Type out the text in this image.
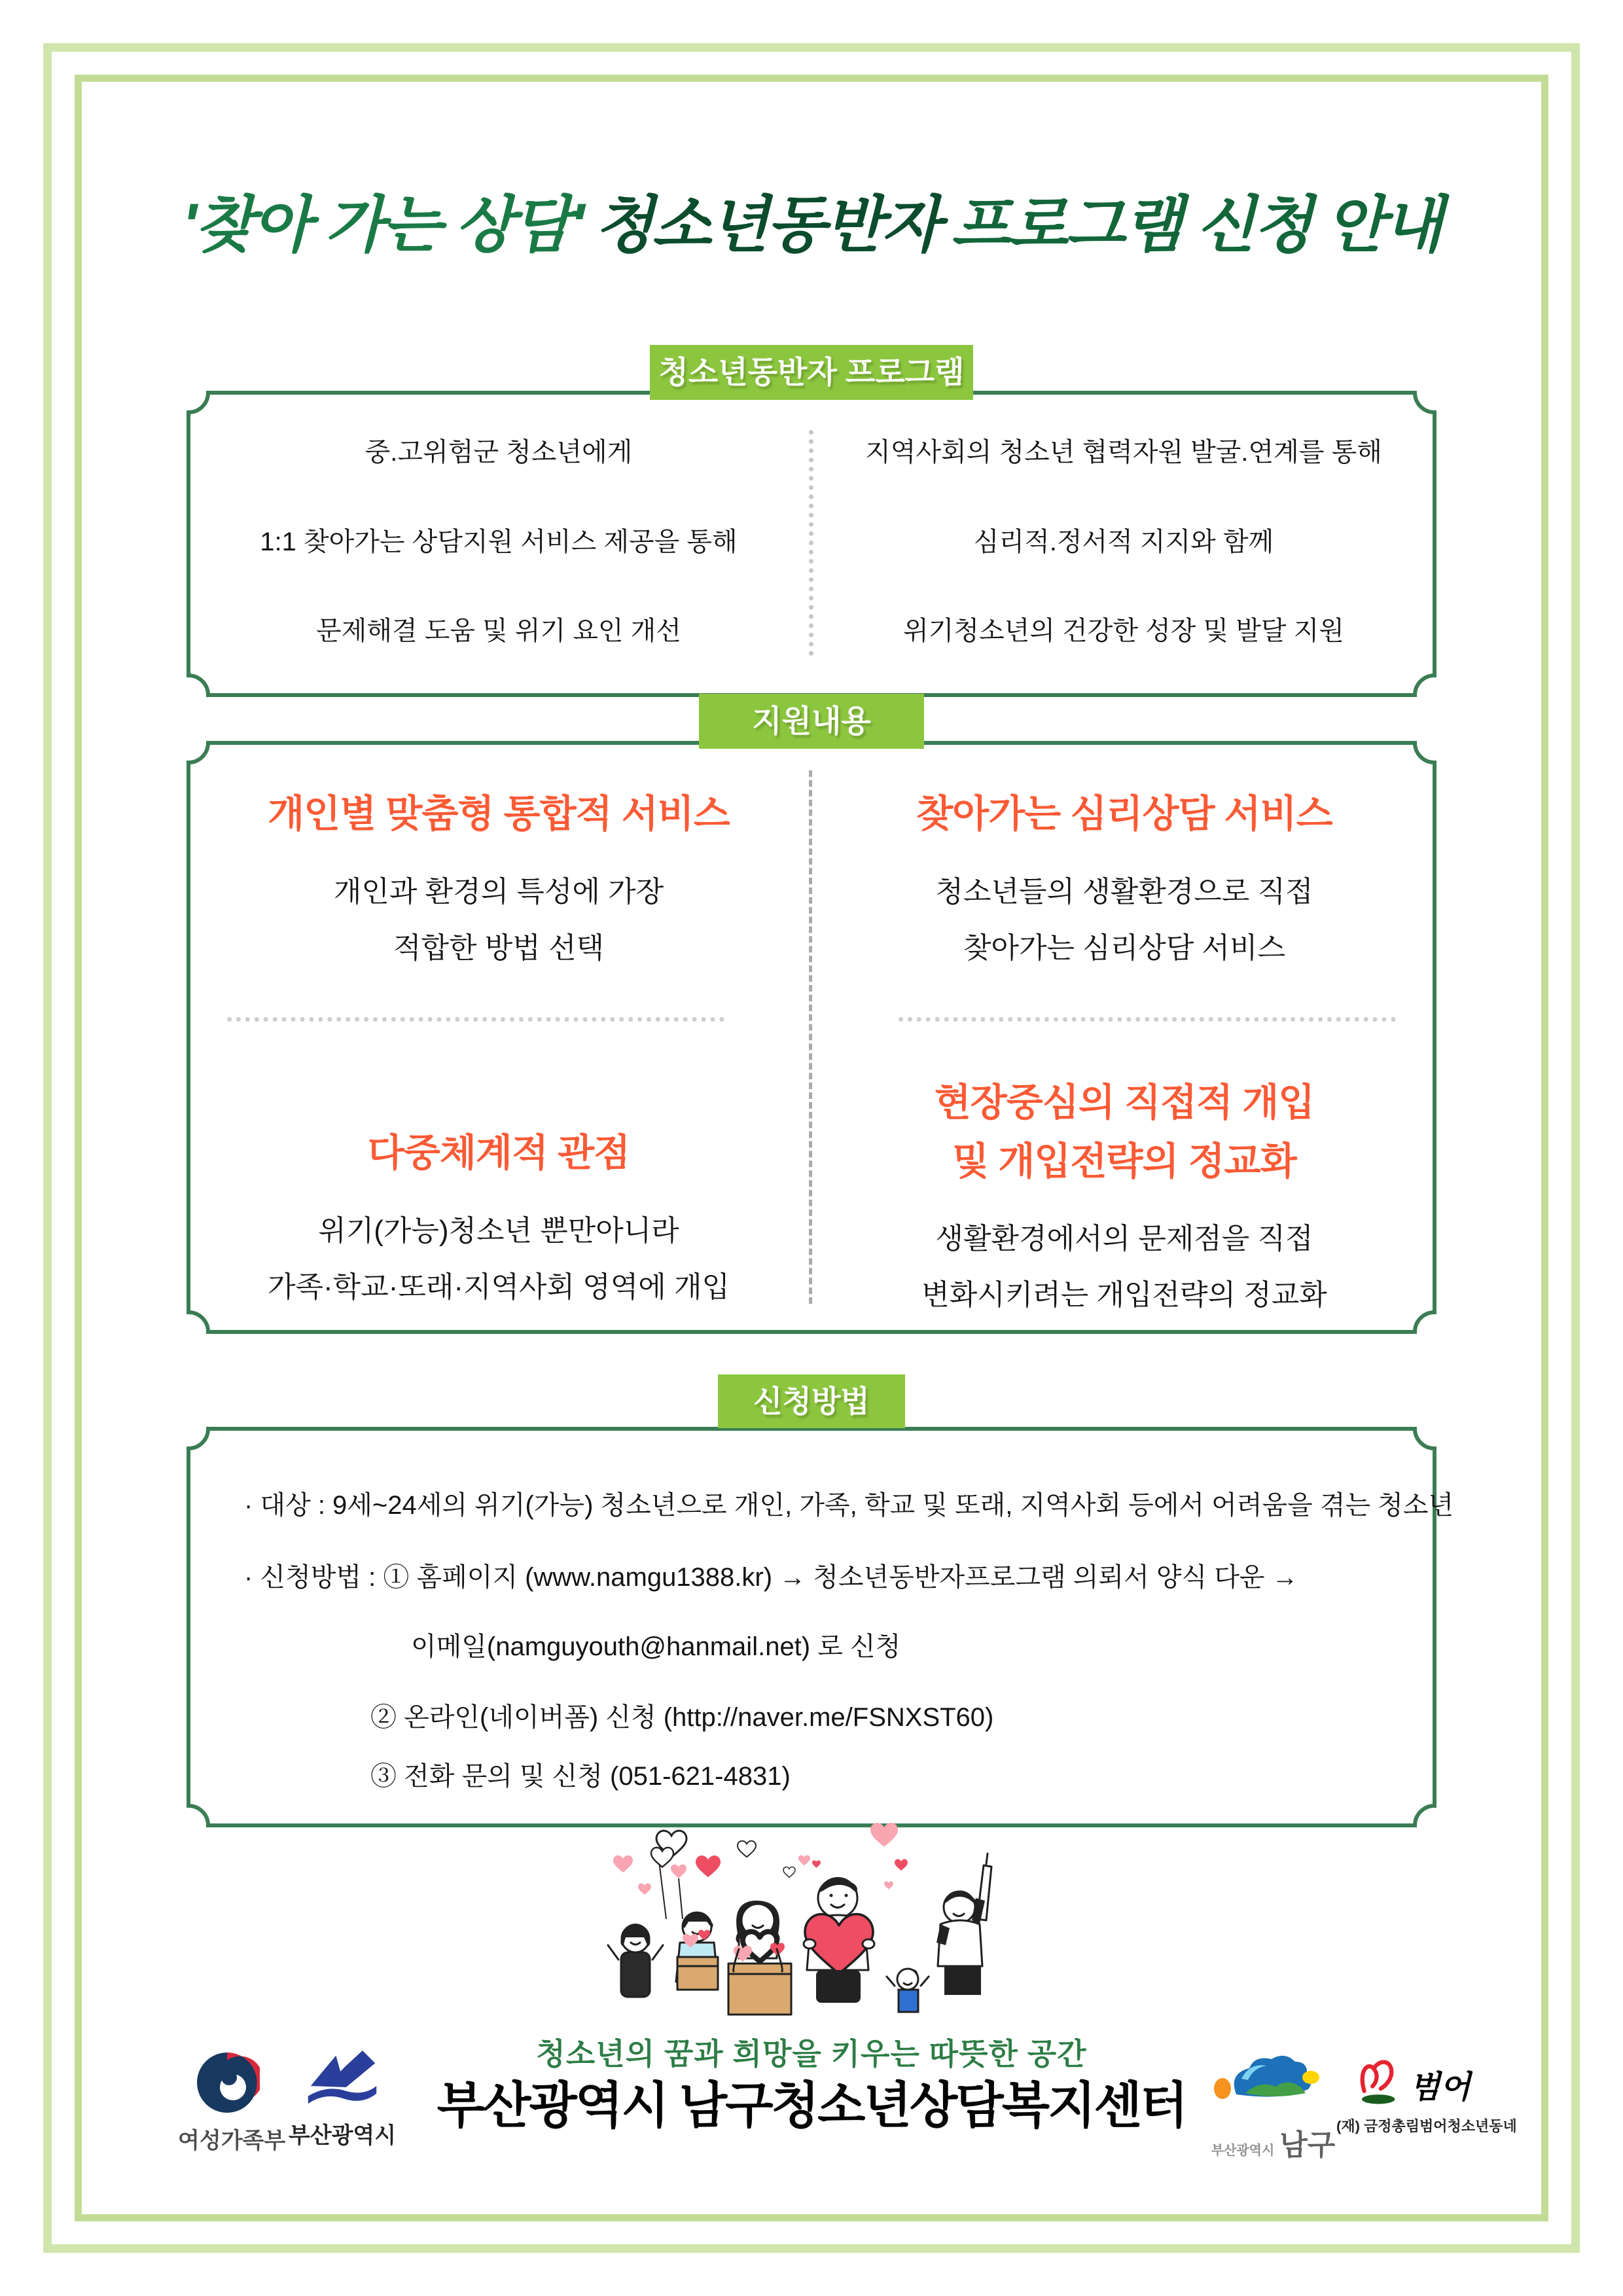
'찾아 가는 상담' 청소년동반자 프로그램 신청 안내
청소년동반자 프로그램
중.고위험군 청소년에게
1:1 찾아가는 상담지원 서비스 제공을 통해
문제해결 도움 및 위기 요인 개선
지역사회의 청소년 협력자원 발굴.연계를 통해
심리적.정서적 지지와 함께
위기청소년의 건강한 성장 및 발달 지원
지원내용
개인별 맞춤형 통합적 서비스
개인과 환경의 특성에 가장
적합한 방법 선택
찾아가는 심리상담 서비스
청소년들의 생활환경으로 직접
찾아가는 심리상담 서비스
다중체계적 관점
위기(가능)청소년 뿐만아니라
가족·학교·또래·지역사회 영역에 개입
현장중심의 직접적 개입
및 개입전략의 정교화
생활환경에서의 문제점을 직접
변화시키려는 개입전략의 정교화
신청방법
· 대상 : 9세~24세의 위기(가능) 청소년으로 개인, 가족, 학교 및 또래, 지역사회 등에서 어려움을 겪는 청소년
· 신청방법 : ① 홈페이지 (www.namgu1388.kr) → 청소년동반자프로그램 의뢰서 양식 다운 →
이메일(namguyouth@hanmail.net) 로 신청
② 온라인(네이버폼) 신청 (http://naver.me/FSNXST60)
③ 전화 문의 및 신청 (051-621-4831)
청소년의 꿈과 희망을 키우는 따뜻한 공간
부산광역시 남구청소년상담복지센터
여성가족부 부산광역시
부산광역시 남구
범어
(재) 금정총림범어청소년동네
